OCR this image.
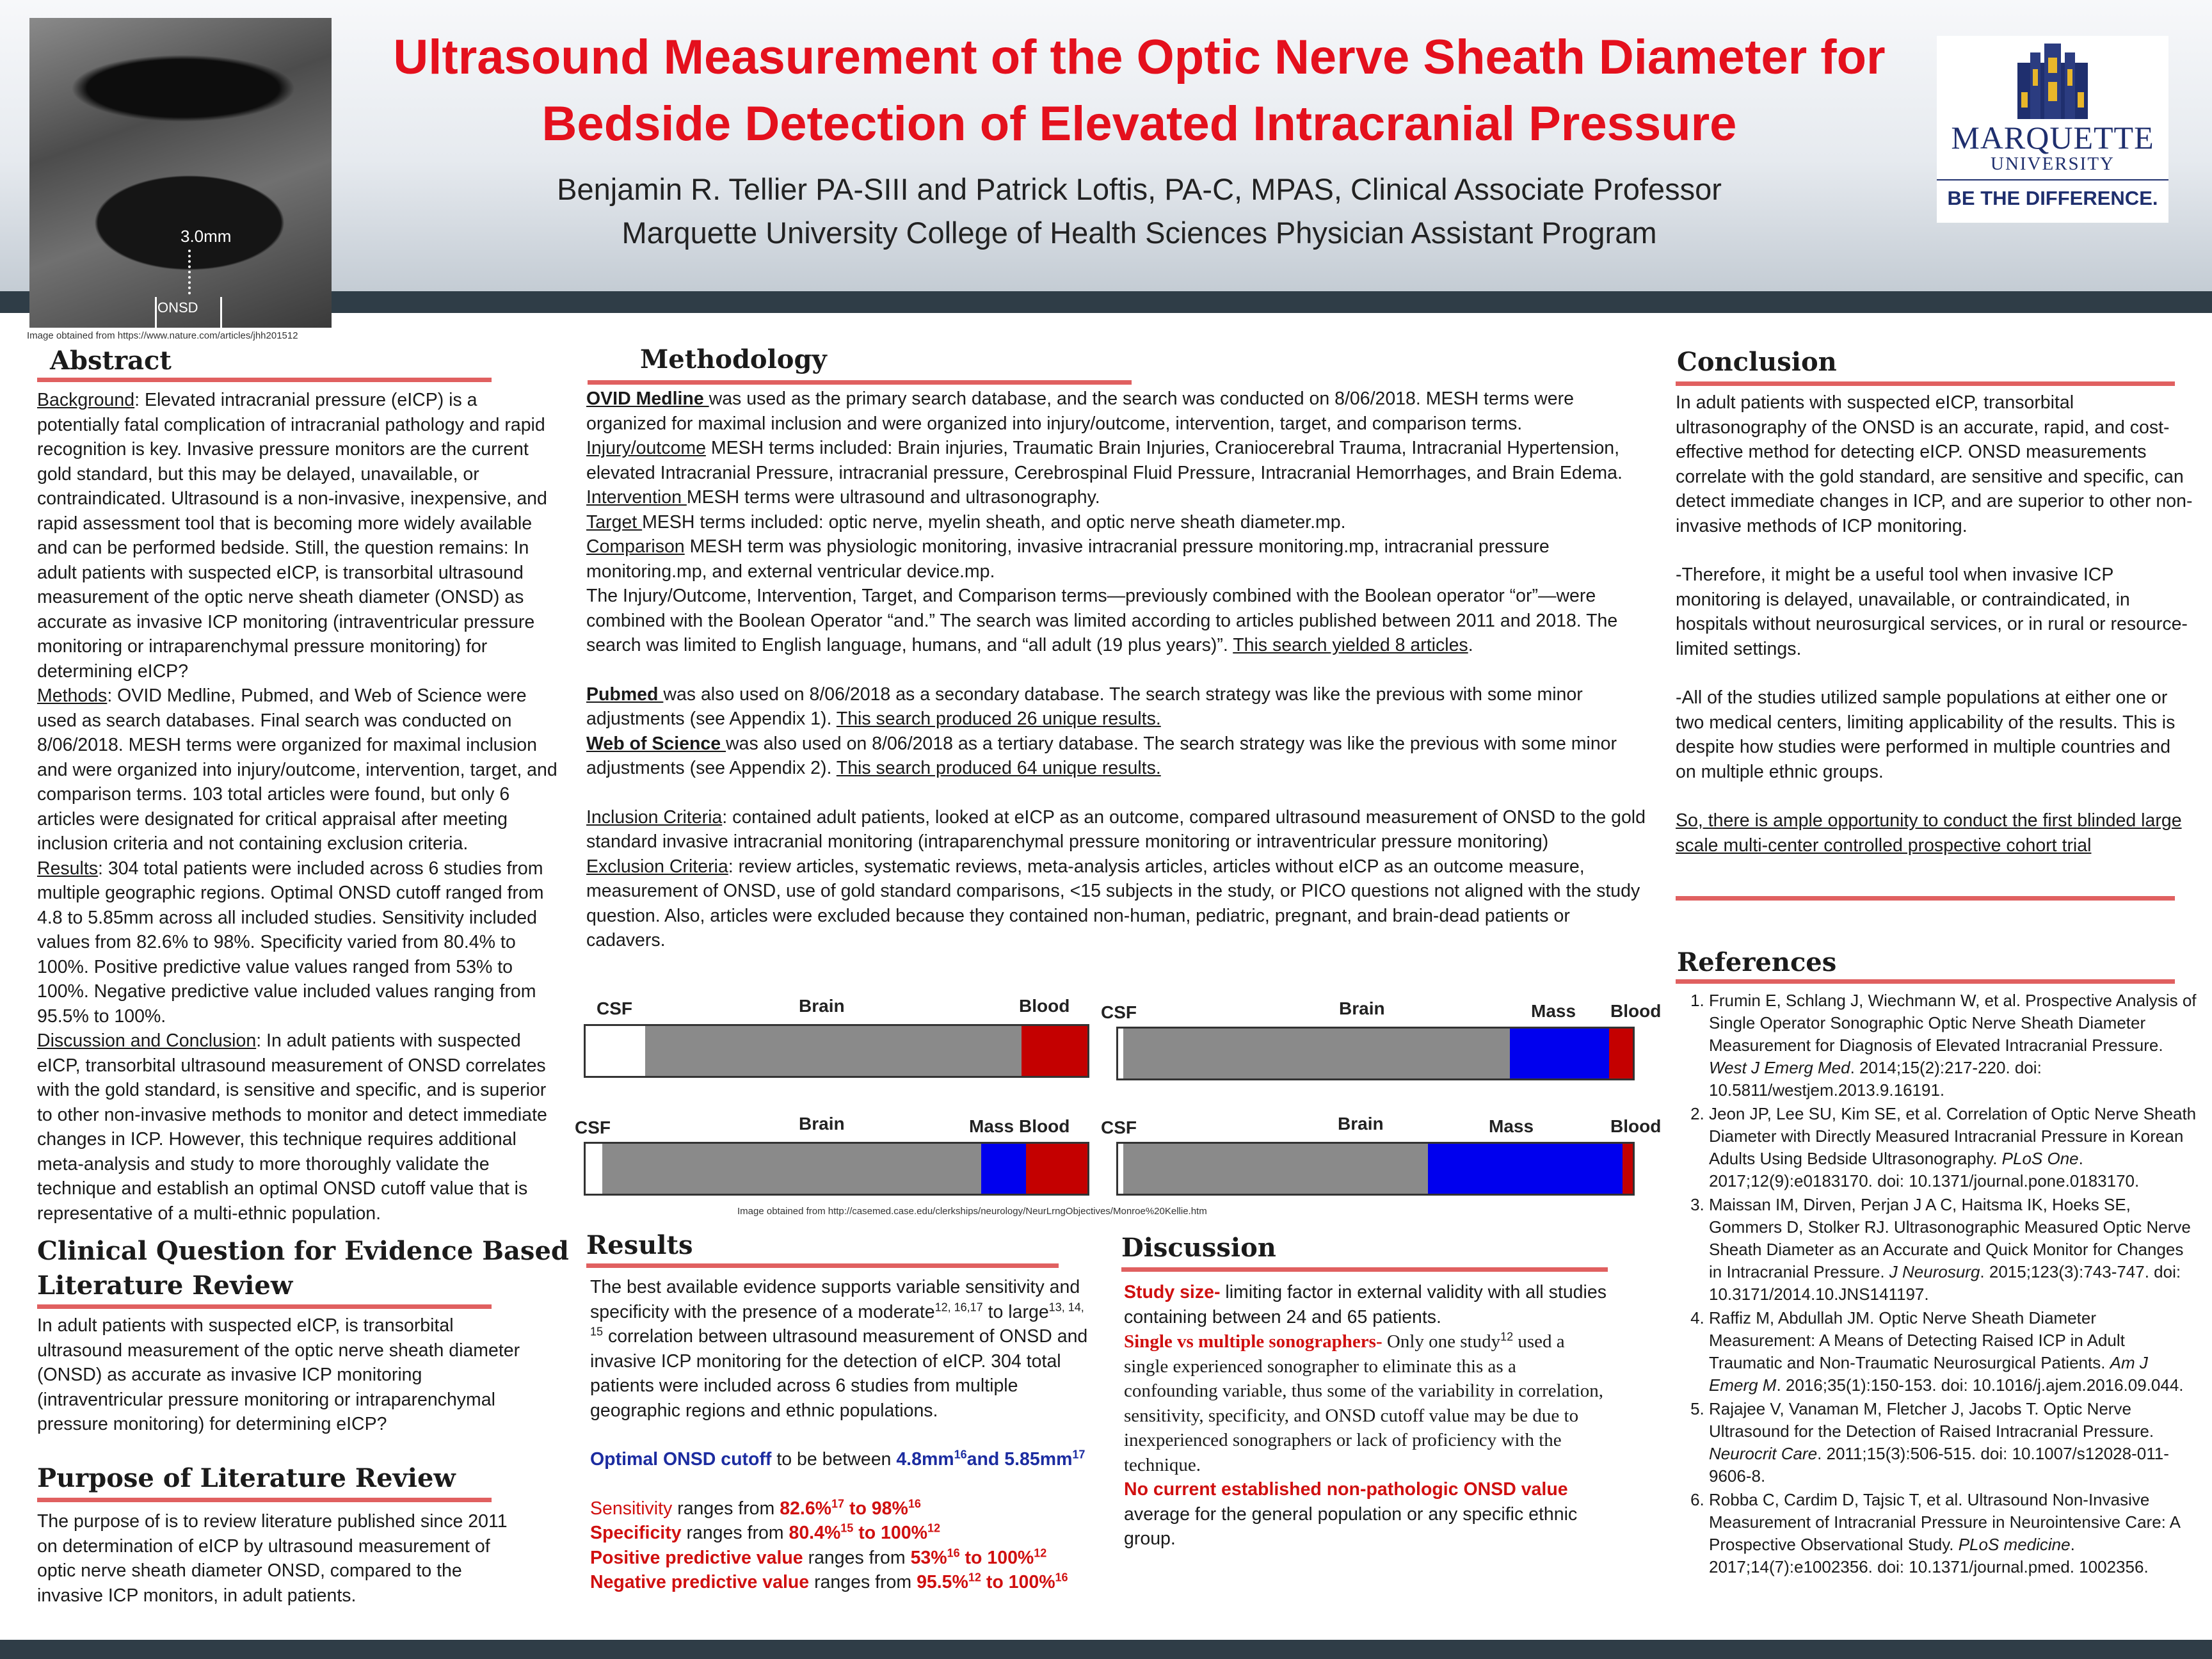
3.0mm
ONSD
Image obtained from https://www.nature.com/articles/jhh201512
Ultrasound Measurement of the Optic Nerve Sheath Diameter for
Bedside Detection of Elevated Intracranial Pressure
Benjamin R. Tellier PA-SIII and Patrick Loftis, PA-C, MPAS, Clinical Associate Professor
Marquette University College of Health Sciences Physician Assistant Program
MARQUETTE
UNIVERSITY
BE THE DIFFERENCE.
Abstract
Background: Elevated intracranial pressure (eICP) is a potentially fatal complication of intracranial pathology and rapid recognition is key. Invasive pressure monitors are the current gold standard, but this may be delayed, unavailable, or contraindicated. Ultrasound is a non-invasive, inexpensive, and rapid assessment tool that is becoming more widely available and can be performed bedside. Still, the question remains: In adult patients with suspected eICP, is transorbital ultrasound measurement of the optic nerve sheath diameter (ONSD) as accurate as invasive ICP monitoring (intraventricular pressure monitoring or intraparenchymal pressure monitoring) for determining eICP?
Methods: OVID Medline, Pubmed, and Web of Science were used as search databases. Final search was conducted on 8/06/2018. MESH terms were organized for maximal inclusion and were organized into injury/outcome, intervention, target, and comparison terms. 103 total articles were found, but only 6 articles were designated for critical appraisal after meeting inclusion criteria and not containing exclusion criteria.
Results: 304 total patients were included across 6 studies from multiple geographic regions. Optimal ONSD cutoff ranged from 4.8 to 5.85mm across all included studies. Sensitivity included values from 82.6% to 98%. Specificity varied from 80.4% to 100%. Positive predictive value values ranged from 53% to 100%. Negative predictive value included values ranging from 95.5% to 100%.
Discussion and Conclusion: In adult patients with suspected eICP, transorbital ultrasound measurement of ONSD correlates with the gold standard, is sensitive and specific, and is superior to other non-invasive methods to monitor and detect immediate changes in ICP. However, this technique requires additional meta-analysis and study to more thoroughly validate the technique and establish an optimal ONSD cutoff value that is representative of a multi-ethnic population.
Clinical Question for Evidence Based
Literature Review
In adult patients with suspected eICP, is transorbital ultrasound measurement of the optic nerve sheath diameter (ONSD) as accurate as invasive ICP monitoring (intraventricular pressure monitoring or intraparenchymal pressure monitoring) for determining eICP?
Purpose of Literature Review
The purpose of is to review literature published since 2011 on determination of eICP by ultrasound measurement of optic nerve sheath diameter ONSD, compared to the invasive ICP monitors, in adult patients.
Methodology

OVID Medline was used as the primary search database, and the search was conducted on 8/06/2018. MESH terms were organized for maximal inclusion and were organized into injury/outcome, intervention, target, and comparison terms.

Injury/outcome MESH terms included: Brain injuries, Traumatic Brain Injuries, Craniocerebral Trauma, Intracranial Hypertension, elevated Intracranial Pressure, intracranial pressure, Cerebrospinal Fluid Pressure, Intracranial Hemorrhages, and Brain Edema.

Intervention MESH terms were ultrasound and ultrasonography.

Target MESH terms included: optic nerve, myelin sheath, and optic nerve sheath diameter.mp.

Comparison MESH term was physiologic monitoring, invasive intracranial pressure monitoring.mp, intracranial pressure monitoring.mp, and external ventricular device.mp.

The Injury/Outcome, Intervention, Target, and Comparison terms—previously combined with the Boolean operator “or”—were combined with the Boolean Operator “and.” The search was limited according to articles published between 2011 and 2018. The search was limited to English language, humans, and “all adult (19 plus years)”. This search yielded 8 articles.

Pubmed was also used on 8/06/2018 as a secondary database. The search strategy was like the previous with some minor adjustments (see Appendix 1). This search produced 26 unique results.

Web of Science was also used on 8/06/2018 as a tertiary database. The search strategy was like the previous with some minor adjustments (see Appendix 2). This search produced 64 unique results.

Inclusion Criteria: contained adult patients, looked at eICP as an outcome, compared ultrasound measurement of ONSD to the gold standard invasive intracranial monitoring (intraparenchymal pressure monitoring or intraventricular pressure monitoring)

Exclusion Criteria: review articles, systematic reviews, meta-analysis articles, articles without eICP as an outcome measure, measurement of ONSD, use of gold standard comparisons, <15 subjects in the study, or PICO questions not aligned with the study question. Also, articles were excluded because they contained non-human, pediatric, pregnant, and brain-dead patients or cadavers.

CSF	Brain	Blood CSF	Brain	Mass Blood
CSF	Brain	Mass Blood CSF	Brain	Mass	Blood
Image obtained from http://casemed.case.edu/clerkships/neurology/NeurLrngObjectives/Monroe%20Kellie.htm
Results

The best available evidence supports variable sensitivity and specificity with the presence of a moderate$^{12, 16,17}$ to large$^{13, 14, 15}$ correlation between ultrasound measurement of ONSD and invasive ICP monitoring for the detection of eICP. 304 total patients were included across 6 studies from multiple geographic regions and ethnic populations.

Optimal ONSD cutoff to be between $4.8mm^{16}and$ $5.85mm^{17}$

Sensitivity ranges from 82.6%$^{17}$ to 98%$^{16}$

Specificity ranges from 80.4%$^{15}$ to 100%$^{12}$

Positive predictive value ranges from 53%$^{16}$ to 100%$^{12}$

Negative predictive value ranges from 95.5%$^{12}$ to 100%$^{16}$

Discussion

Study size- limiting factor in external validity with all studies containing between 24 and 65 patients.

Single vs multiple sonographers- Only one study$^{12}$ used a single experienced sonographer to eliminate this as a confounding variable, thus some of the variability in correlation, sensitivity, specificity, and ONSD cutoff value may be due to inexperienced sonographers or lack of proficiency with the technique.

No current established non-pathologic ONSD value average for the general population or any specific ethnic group.

Conclusion

In adult patients with suspected eICP, transorbital ultrasonography of the ONSD is an accurate, rapid, and cost-effective method for detecting eICP. ONSD measurements correlate with the gold standard, are sensitive and specific, can detect immediate changes in ICP, and are superior to other non-invasive methods of ICP monitoring.

-Therefore, it might be a useful tool when invasive ICP monitoring is delayed, unavailable, or contraindicated, in hospitals without neurosurgical services, or in rural or resource-limited settings.

-All of the studies utilized sample populations at either one or two medical centers, limiting applicability of the results. This is despite how studies were performed in multiple countries and on multiple ethnic groups.

So, there is ample opportunity to conduct the first blinded large scale multi-center controlled prospective cohort trial

References
1. Frumin E, Schlang J, Wiechmann W, et al. Prospective Analysis of Single Operator Sonographic Optic Nerve Sheath Diameter Measurement for Diagnosis of Elevated Intracranial Pressure. West J Emerg Med. 2014;15(2):217-220. doi: 10.5811/westjem.2013.9.16191.
2. Jeon JP, Lee SU, Kim SE, et al. Correlation of Optic Nerve Sheath Diameter with Directly Measured Intracranial Pressure in Korean Adults Using Bedside Ultrasonography. PLoS One. 2017;12(9):e0183170. doi: 10.1371/journal.pone.0183170.
3. Maissan IM, Dirven, Perjan J A C, Haitsma IK, Hoeks SE, Gommers D, Stolker RJ. Ultrasonographic Measured Optic Nerve Sheath Diameter as an Accurate and Quick Monitor for Changes in Intracranial Pressure. J Neurosurg. 2015;123(3):743-747. doi: 10.3171/2014.10.JNS141197.
4. Raffiz M, Abdullah JM. Optic Nerve Sheath Diameter Measurement: A Means of Detecting Raised ICP in Adult Traumatic and Non-Traumatic Neurosurgical Patients. Am J Emerg M. 2016;35(1):150-153. doi: 10.1016/j.ajem.2016.09.044.
5. Rajajee V, Vanaman M, Fletcher J, Jacobs T. Optic Nerve Ultrasound for the Detection of Raised Intracranial Pressure. Neurocrit Care. 2011;15(3):506-515. doi: 10.1007/s12028-011-9606-8.
6. Robba C, Cardim D, Tajsic T, et al. Ultrasound Non-Invasive Measurement of Intracranial Pressure in Neurointensive Care: A Prospective Observational Study. PLoS medicine. 2017;14(7):e1002356. doi: 10.1371/journal.pmed. 1002356.
